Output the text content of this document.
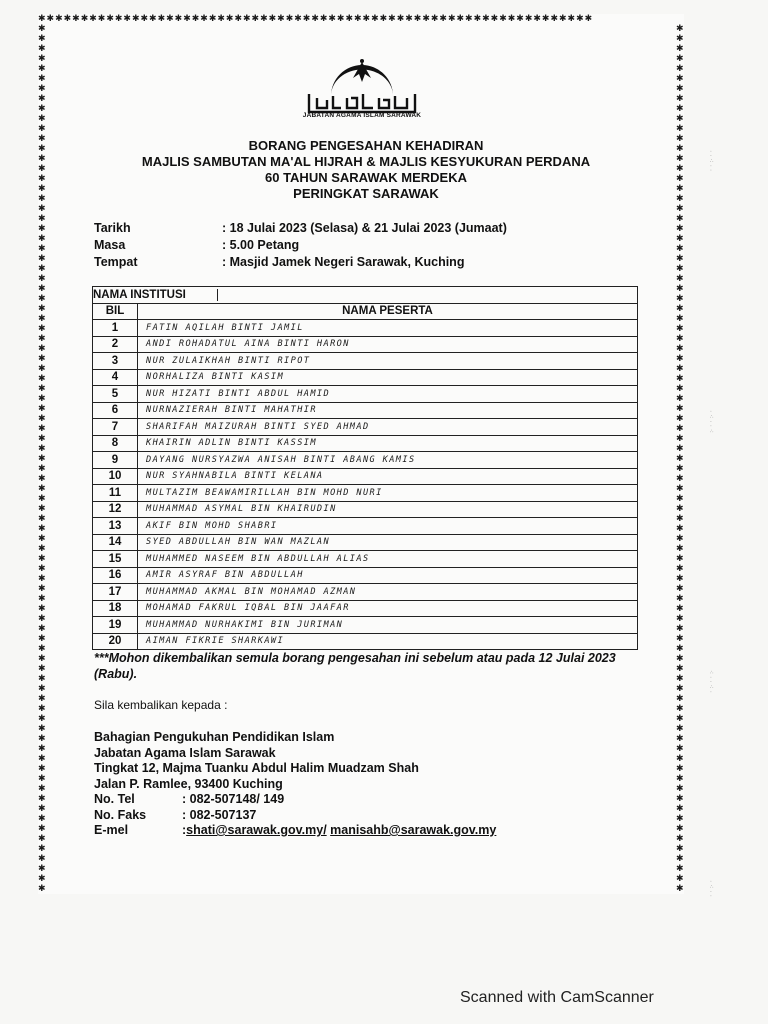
✱✱✱✱✱✱✱✱✱✱✱✱✱✱✱✱✱✱✱✱✱✱✱✱✱✱✱✱✱✱✱✱✱✱✱✱✱✱✱✱✱✱✱✱✱✱✱✱✱✱✱✱✱✱✱✱✱✱✱✱✱✱✱✱✱
✱✱✱✱✱✱✱✱✱✱✱✱✱✱✱✱✱✱✱✱✱✱✱✱✱✱✱✱✱✱✱✱✱✱✱✱✱✱✱✱✱✱✱✱✱✱✱✱✱✱✱✱✱✱✱✱✱✱✱✱✱✱✱✱✱✱✱✱✱✱✱✱✱✱✱✱✱✱✱✱✱✱✱✱✱✱✱
✱✱✱✱✱✱✱✱✱✱✱✱✱✱✱✱✱✱✱✱✱✱✱✱✱✱✱✱✱✱✱✱✱✱✱✱✱✱✱✱✱✱✱✱✱✱✱✱✱✱✱✱✱✱✱✱✱✱✱✱✱✱✱✱✱✱✱✱✱✱✱✱✱✱✱✱✱✱✱✱✱✱✱✱✱✱✱
JABATAN AGAMA ISLAM SARAWAK
BORANG PENGESAHAN KEHADIRAN
MAJLIS SAMBUTAN MA'AL HIJRAH & MAJLIS KESYUKURAN PERDANA
60 TAHUN SARAWAK MERDEKA
PERINGKAT SARAWAK
Tarikh	: 18 Julai 2023 (Selasa) & 21 Julai 2023 (Jumaat)
Masa	: 5.00 Petang
Tempat	: Masjid Jamek Negeri Sarawak, Kuching
NAMA INSTITUSI	
BIL	NAMA PESERTA
1	FATIN AQILAH BINTI JAMIL
2	ANDI ROHADATUL AINA BINTI HARON
3	NUR ZULAIKHAH BINTI RIPOT
4	NORHALIZA BINTI KASIM
5	NUR HIZATI BINTI ABDUL HAMID
6	NURNAZIERAH BINTI MAHATHIR
7	SHARIFAH MAIZURAH BINTI SYED AHMAD
8	KHAIRIN ADLIN BINTI KASSIM
9	DAYANG NURSYAZWA ANISAH BINTI ABANG KAMIS
10	NUR SYAHNABILA BINTI KELANA
11	MULTAZIM BEAWAMIRILLAH BIN MOHD NURI
12	MUHAMMAD ASYMAL BIN KHAIRUDIN
13	AKIF BIN MOHD SHABRI
14	SYED ABDULLAH BIN WAN MAZLAN
15	MUHAMMED NASEEM BIN ABDULLAH ALIAS
16	AMIR ASYRAF BIN ABDULLAH
17	MUHAMMAD AKMAL BIN MOHAMAD AZMAN
18	MOHAMAD FAKRUL IQBAL BIN JAAFAR
19	MUHAMMAD NURHAKIMI BIN JURIMAN
20	AIMAN FIKRIE SHARKAWI
***Mohon dikembalikan semula borang pengesahan ini sebelum atau pada 12 Julai 2023 (Rabu).
Sila kembalikan kepada :
Bahagian Pengukuhan Pendidikan Islam
Jabatan Agama Islam Sarawak
Tingkat 12, Majma Tuanku Abdul Halim Muadzam Shah
Jalan P. Ramlee, 93400 Kuching
No. Tel	: 082-507148/ 149
No. Faks	: 082-507137
E-mel	: shati@sarawak.gov.my/
manisahb@sarawak.gov.my
· · ⁖ · ·
· ⁖ · · ⁖
⁖ · · ⁖ ·
· ⁖ · ·
Scanned with CamScanner
